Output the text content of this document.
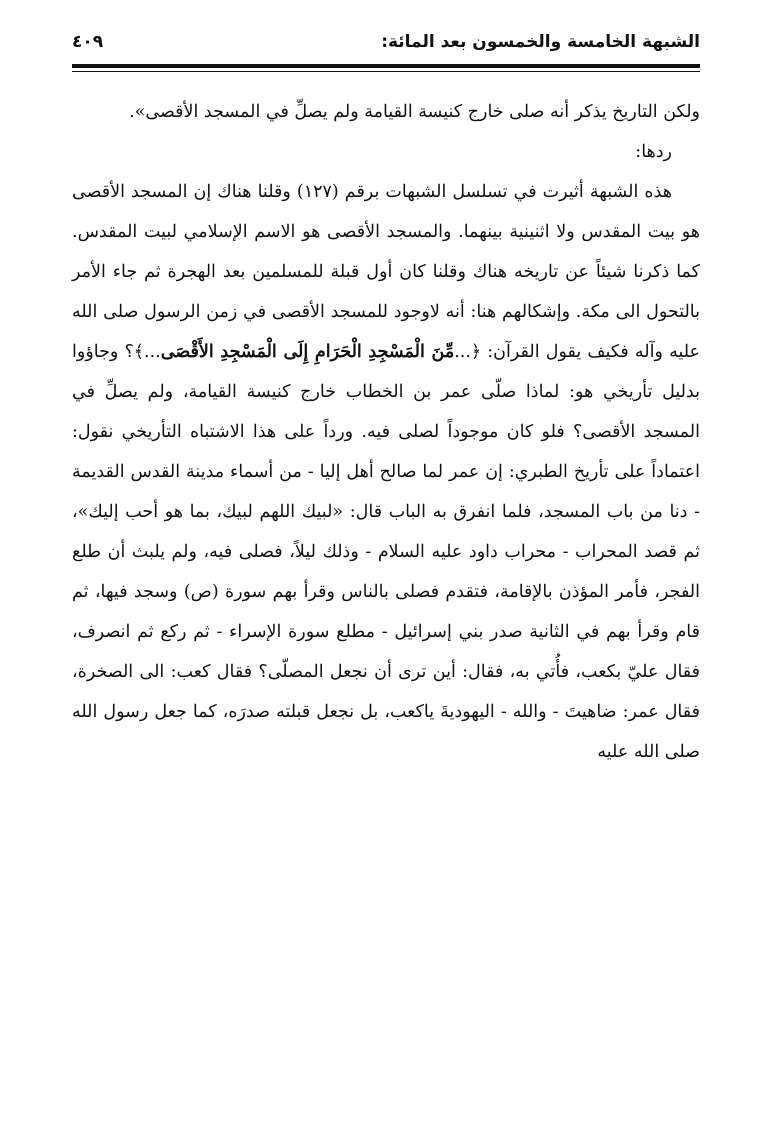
الشبهة الخامسة والخمسون بعد المائة:
٤٠٩

ولكن التاريخ يذكر أنه صلى خارج كنيسة القيامة ولم يصلِّ في المسجد الأقصى».

ردها:

هذه الشبهة أثيرت في تسلسل الشبهات برقم (١٢٧) وقلنا هناك إن المسجد الأقصى هو بيت المقدس ولا اثنينية بينهما. والمسجد الأقصى هو الاسم الإسلامي لبيت المقدس. كما ذكرنا شيئاً عن تاريخه هناك وقلنا كان أول قبلة للمسلمين بعد الهجرة ثم جاء الأمر بالتحول الى مكة. وإشكالهم هنا: أنه لاوجود للمسجد الأقصى في زمن الرسول صلى الله عليه وآله فكيف يقول القرآن: ﴿...مِّنَ الْمَسْجِدِ الْحَرَامِ إِلَى الْمَسْجِدِ الأَقْصَى...﴾؟ وجاؤوا بدليل تأريخي هو: لماذا صلّى عمر بن الخطاب خارج كنيسة القيامة، ولم يصلِّ في المسجد الأقصى؟ فلو كان موجوداً لصلى فيه. ورداً على هذا الاشتباه التأريخي نقول: اعتماداً على تأريخ الطبري: إن عمر لما صالح أهل إليا - من أسماء مدينة القدس القديمة - دنا من باب المسجد، فلما انفرق به الباب قال: «لبيك اللهم لبيك، بما هو أحب إليك»، ثم قصد المحراب - محراب داود عليه السلام - وذلك ليلاً، فصلى فيه، ولم يلبث أن طلع الفجر، فأمر المؤذن بالإقامة، فتقدم فصلى بالناس وقرأ بهم سورة (ص) وسجد فيها، ثم قام وقرأ بهم في الثانية صدر بني إسرائيل - مطلع سورة الإسراء - ثم ركع ثم انصرف، فقال عليّ بكعب، فأُتي به، فقال: أين ترى أن نجعل المصلّى؟ فقال كعب: الى الصخرة، فقال عمر: ضاهيتَ - والله - اليهوديةَ ياكعب، بل نجعل قبلته صدرَه، كما جعل رسول الله صلى الله عليه
